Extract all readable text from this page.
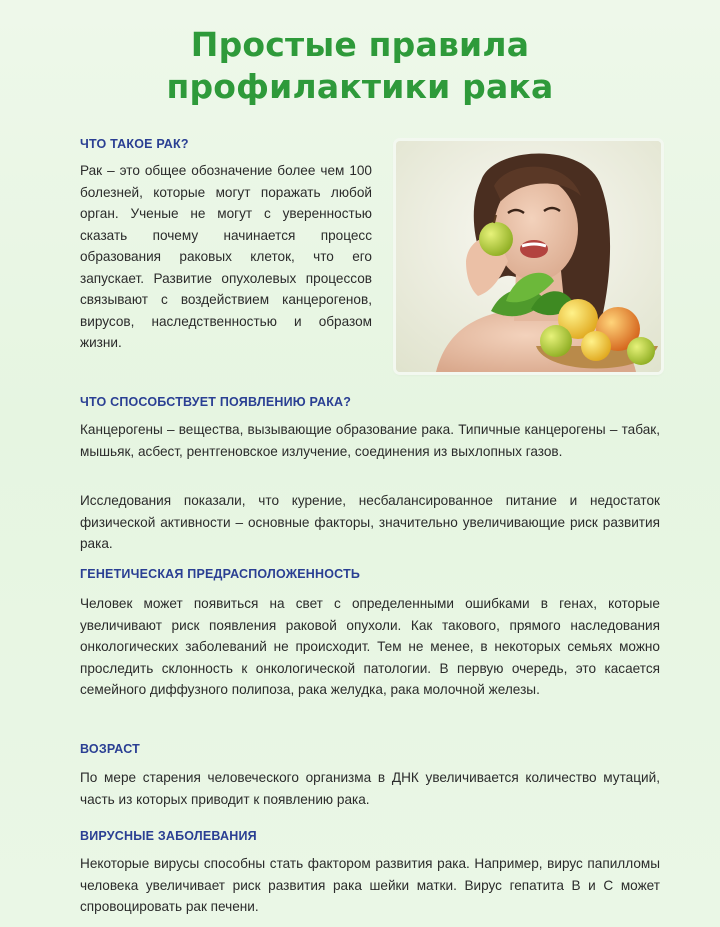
Простые правила
профилактики рака
ЧТО ТАКОЕ РАК?
Рак – это общее обозначение более чем 100 болезней, которые могут поражать любой орган. Ученые не могут с уверенностью сказать почему начинается процесс образования раковых клеток, что его запускает. Развитие опухолевых процессов связывают с воздействием канцерогенов, вирусов, наследственностью и образом жизни.
ЧТО СПОСОБСТВУЕТ ПОЯВЛЕНИЮ РАКА?
Канцерогены – вещества, вызывающие образование рака. Типичные канцерогены – табак, мышьяк, асбест, рентгеновское излучение, соединения из выхлопных газов.
Исследования показали, что курение, несбалансированное питание и недостаток физической активности – основные факторы, значительно увеличивающие риск развития рака.
ГЕНЕТИЧЕСКАЯ ПРЕДРАСПОЛОЖЕННОСТЬ
Человек может появиться на свет с определенными ошибками в генах, которые увеличивают риск появления раковой опухоли. Как такового, прямого наследования онкологических заболеваний не происходит. Тем не менее, в некоторых семьях можно проследить склонность к онкологической патологии. В первую очередь, это касается семейного диффузного полипоза, рака желудка, рака молочной железы.
ВОЗРАСТ
По мере старения человеческого организма в ДНК увеличивается количество мутаций, часть из которых приводит к появлению рака.
ВИРУСНЫЕ ЗАБОЛЕВАНИЯ
Некоторые вирусы способны стать фактором развития рака. Например, вирус папилломы человека увеличивает риск развития рака шейки матки. Вирус гепатита В и С может спровоцировать рак печени.
